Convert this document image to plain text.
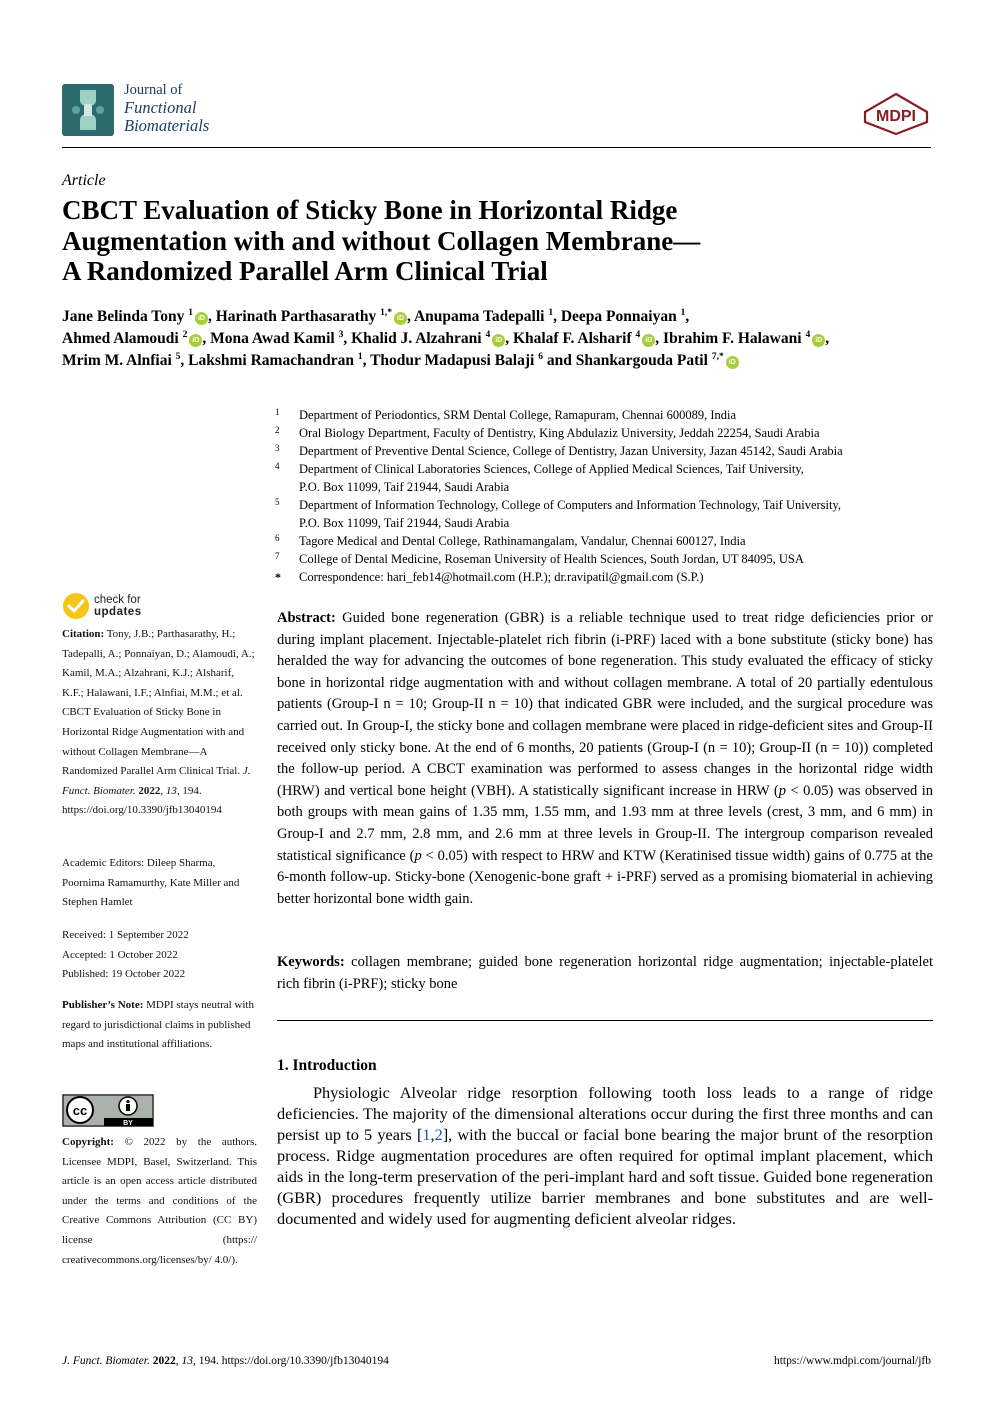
Journal of
Functional
Biomaterials	MDPI
Article
CBCT Evaluation of Sticky Bone in Horizontal Ridge
Augmentation with and without Collagen Membrane—
A Randomized Parallel Arm Clinical Trial
Jane Belinda Tony $^1$iD , Harinath Parthasarathy $^{1,*}$iD , Anupama Tadepalli $^1$, Deepa Ponnaiyan $^1$,
Ahmed Alamoudi $^2$iD , Mona Awad Kamil $^3$, Khalid J. Alzahrani $^4$iD , Khalaf F. Alsharif $^4$iD , Ibrahim F. Halawani $^4$iD ,
Mrim M. Alnfiai $^5$, Lakshmi Ramachandran $^1$, Thodur Madapusi Balaji $^6$ and Shankargouda Patil $^{7,*}$iD
1 Department of Periodontics, SRM Dental College, Ramapuram, Chennai 600089, India
2 Oral Biology Department, Faculty of Dentistry, King Abdulaziz University, Jeddah 22254, Saudi Arabia
3 Department of Preventive Dental Science, College of Dentistry, Jazan University, Jazan 45142, Saudi Arabia
4 Department of Clinical Laboratories Sciences, College of Applied Medical Sciences, Taif University,
P.O. Box 11099, Taif 21944, Saudi Arabia
5 Department of Information Technology, College of Computers and Information Technology, Taif University,
P.O. Box 11099, Taif 21944, Saudi Arabia
6 Tagore Medical and Dental College, Rathinamangalam, Vandalur, Chennai 600127, India
7 College of Dental Medicine, Roseman University of Health Sciences, South Jordan, UT 84095, USA
* Correspondence: hari_feb14@hotmail.com (H.P.); dr.ravipatil@gmail.com (S.P.)
check for
updates
Citation: Tony, J.B.; Parthasarathy, H.; Tadepalli, A.; Ponnaiyan, D.; Alamoudi, A.; Kamil, M.A.; Alzahrani, K.J.; Alsharif, K.F.; Halawani, I.F.; Alnfiai, M.M.; et al. CBCT Evaluation of Sticky Bone in Horizontal Ridge Augmentation with and without Collagen Membrane—A Randomized Parallel Arm Clinical Trial. J. Funct. Biomater. 2022, 13, 194. https://doi.org/10.3390/jfb13040194
Academic Editors: Dileep Sharma, Poornima Ramamurthy, Kate Miller and Stephen Hamlet
Received: 1 September 2022
Accepted: 1 October 2022
Published: 19 October 2022
Publisher’s Note: MDPI stays neutral with regard to jurisdictional claims in published maps and institutional affiliations.
cc
BY
Copyright: © 2022 by the authors. Licensee MDPI, Basel, Switzerland. This article is an open access article distributed under the terms and conditions of the Creative Commons Attribution (CC BY) license (https:// creativecommons.org/licenses/by/ 4.0/).
Abstract: Guided bone regeneration (GBR) is a reliable technique used to treat ridge deficiencies prior or during implant placement. Injectable-platelet rich fibrin (i-PRF) laced with a bone substitute (sticky bone) has heralded the way for advancing the outcomes of bone regeneration. This study evaluated the efficacy of sticky bone in horizontal ridge augmentation with and without collagen membrane. A total of 20 partially edentulous patients (Group-I n = 10; Group-II n = 10) that indicated GBR were included, and the surgical procedure was carried out. In Group-I, the sticky bone and collagen membrane were placed in ridge-deficient sites and Group-II received only sticky bone. At the end of 6 months, 20 patients (Group-I (n = 10); Group-II (n = 10)) completed the follow-up period. A CBCT examination was performed to assess changes in the horizontal ridge width (HRW) and vertical bone height (VBH). A statistically significant increase in HRW (p < 0.05) was observed in both groups with mean gains of 1.35 mm, 1.55 mm, and 1.93 mm at three levels (crest, 3 mm, and 6 mm) in Group-I and 2.7 mm, 2.8 mm, and 2.6 mm at three levels in Group-II. The intergroup comparison revealed statistical significance (p < 0.05) with respect to HRW and KTW (Keratinised tissue width) gains of 0.775 at the 6-month follow-up. Sticky-bone (Xenogenic-bone graft + i-PRF) served as a promising biomaterial in achieving better horizontal bone width gain.
Keywords: collagen membrane; guided bone regeneration horizontal ridge augmentation; injectable-platelet rich fibrin (i-PRF); sticky bone
1. Introduction
Physiologic Alveolar ridge resorption following tooth loss leads to a range of ridge deficiencies. The majority of the dimensional alterations occur during the first three months and can persist up to 5 years [1,2], with the buccal or facial bone bearing the major brunt of the resorption process. Ridge augmentation procedures are often required for optimal implant placement, which aids in the long-term preservation of the peri-implant hard and soft tissue. Guided bone regeneration (GBR) procedures frequently utilize barrier membranes and bone substitutes and are well-documented and widely used for augmenting deficient alveolar ridges.
J. Funct. Biomater. 2022, 13, 194. https://doi.org/10.3390/jfb13040194	https://www.mdpi.com/journal/jfb
